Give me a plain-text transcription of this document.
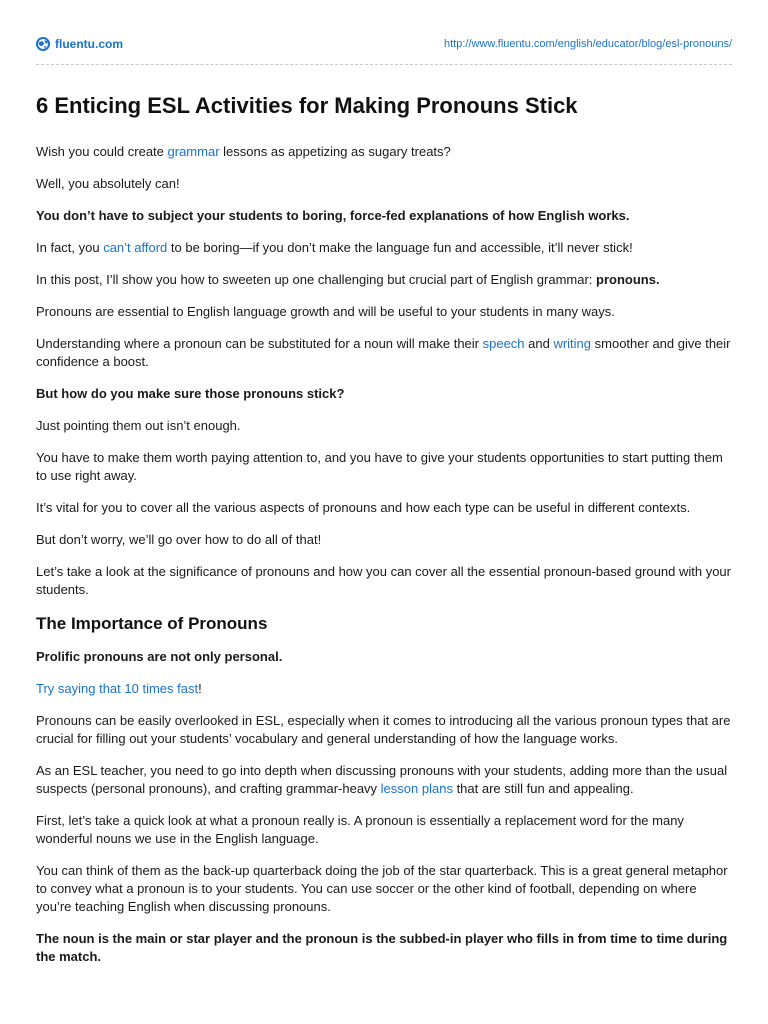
fluentu.com	http://www.fluentu.com/english/educator/blog/esl-pronouns/
6 Enticing ESL Activities for Making Pronouns Stick

Wish you could create grammar lessons as appetizing as sugary treats?

Well, you absolutely can!

You don’t have to subject your students to boring, force-fed explanations of how English works.

In fact, you can’t afford to be boring—if you don’t make the language fun and accessible, it’ll never stick!

In this post, I’ll show you how to sweeten up one challenging but crucial part of English grammar: pronouns.

Pronouns are essential to English language growth and will be useful to your students in many ways.

Understanding where a pronoun can be substituted for a noun will make their speech and writing smoother and give their confidence a boost.

But how do you make sure those pronouns stick?

Just pointing them out isn’t enough.

You have to make them worth paying attention to, and you have to give your students opportunities to start putting them to use right away.

It’s vital for you to cover all the various aspects of pronouns and how each type can be useful in different contexts.

But don’t worry, we’ll go over how to do all of that!

Let’s take a look at the significance of pronouns and how you can cover all the essential pronoun-based ground with your students.

The Importance of Pronouns

Prolific pronouns are not only personal.

Try saying that 10 times fast!

Pronouns can be easily overlooked in ESL, especially when it comes to introducing all the various pronoun types that are crucial for filling out your students’ vocabulary and general understanding of how the language works.

As an ESL teacher, you need to go into depth when discussing pronouns with your students, adding more than the usual suspects (personal pronouns), and crafting grammar-heavy lesson plans that are still fun and appealing.

First, let’s take a quick look at what a pronoun really is. A pronoun is essentially a replacement word for the many wonderful nouns we use in the English language.

You can think of them as the back-up quarterback doing the job of the star quarterback. This is a great general metaphor to convey what a pronoun is to your students. You can use soccer or the other kind of football, depending on where you’re teaching English when discussing pronouns.

The noun is the main or star player and the pronoun is the subbed-in player who fills in from time to time during the match.
